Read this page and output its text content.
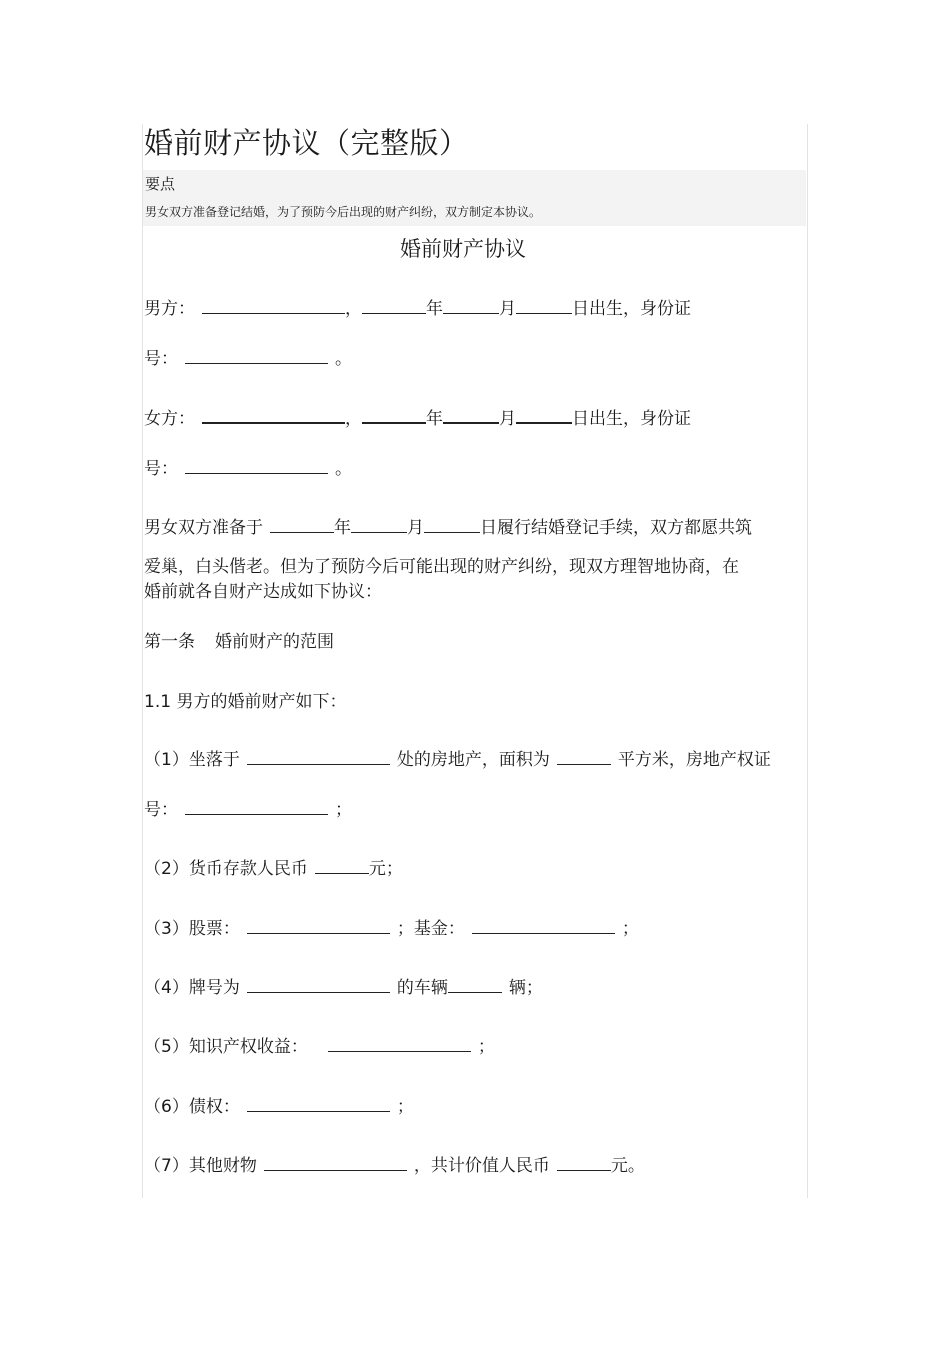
婚前财产协议（完整版）
要点
男女双方准备登记结婚，为了预防今后出现的财产纠纷，双方制定本协议。
婚前财产协议
男方：	，	年	月	日出生，身份证
号：	。
女方：	，	年	月	日出生，身份证
号：	。
男女双方准备于	年	月	日履行结婚登记手续，双方都愿共筑
爱巢，白头偕老。但为了预防今后可能出现的财产纠纷，现双方理智地协商，在
婚前就各自财产达成如下协议：
第一条 婚前财产的范围
1.1 男方的婚前财产如下：
（1）坐落于	处的房地产，面积为	平方米，房地产权证
号：	；
（2）货币存款人民币	元；
（3）股票：	；基金：	；
（4）牌号为	的车辆	辆；
（5）知识产权收益：	；
（6）债权：	；
（7）其他财物	，共计价值人民币	元。
